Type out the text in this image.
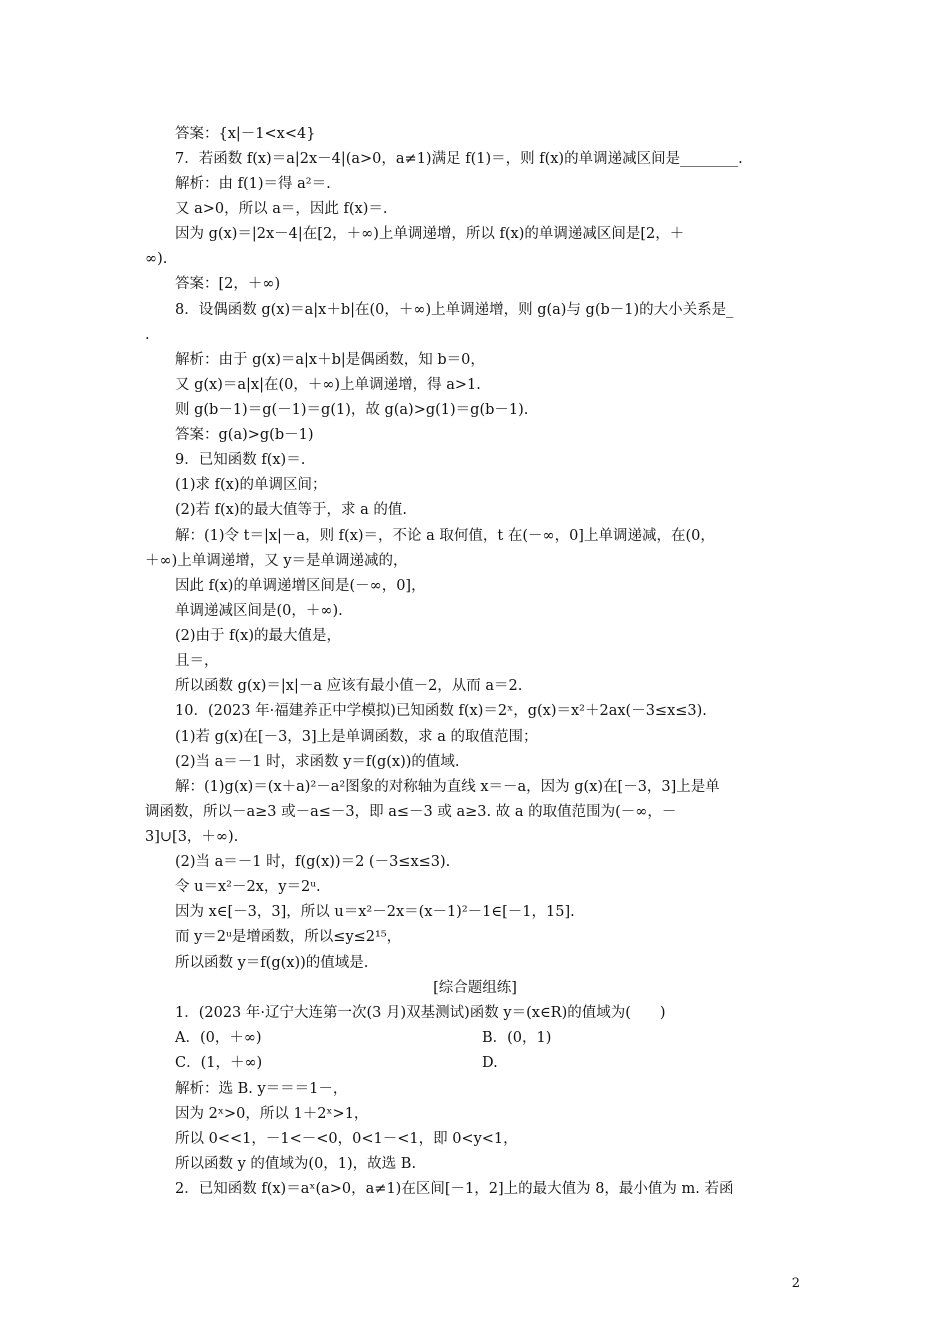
答案：{x|－1<x<4}
7．若函数 f(x)＝a|2x－4|(a>0，a≠1)满足 f(1)＝，则 f(x)的单调递减区间是________.
解析：由 f(1)＝得 a²＝.
又 a>0，所以 a＝，因此 f(x)＝.
因为 g(x)＝|2x－4|在[2，＋∞)上单调递增，所以 f(x)的单调递减区间是[2，＋
∞).
答案：[2，＋∞)
8．设偶函数 g(x)＝a|x＋b|在(0，＋∞)上单调递增，则 g(a)与 g(b－1)的大小关系是_
.
解析：由于 g(x)＝a|x＋b|是偶函数，知 b＝0，
又 g(x)＝a|x|在(0，＋∞)上单调递增，得 a>1.
则 g(b－1)＝g(－1)＝g(1)，故 g(a)>g(1)＝g(b－1).
答案：g(a)>g(b－1)
9．已知函数 f(x)＝.
(1)求 f(x)的单调区间；
(2)若 f(x)的最大值等于，求 a 的值.
解：(1)令 t＝|x|－a，则 f(x)＝，不论 a 取何值，t 在(－∞，0]上单调递减，在(0，
＋∞)上单调递增，又 y＝是单调递减的，
因此 f(x)的单调递增区间是(－∞，0]，
单调递减区间是(0，＋∞).
(2)由于 f(x)的最大值是，
且＝，
所以函数 g(x)＝|x|－a 应该有最小值－2，从而 a＝2.
10．(2023 年·福建养正中学模拟)已知函数 f(x)＝2ˣ，g(x)＝x²＋2ax(－3≤x≤3).
(1)若 g(x)在[－3，3]上是单调函数，求 a 的取值范围；
(2)当 a＝－1 时，求函数 y＝f(g(x))的值域.
解：(1)g(x)＝(x＋a)²－a²图象的对称轴为直线 x＝－a，因为 g(x)在[－3，3]上是单
调函数，所以－a≥3 或－a≤－3，即 a≤－3 或 a≥3. 故 a 的取值范围为(－∞，－
3]∪[3，＋∞).
(2)当 a＝－1 时，f(g(x))＝2 (－3≤x≤3).
令 u＝x²－2x，y＝2ᵘ.
因为 x∈[－3，3]，所以 u＝x²－2x＝(x－1)²－1∈[－1，15].
而 y＝2ᵘ是增函数，所以≤y≤2¹⁵，
所以函数 y＝f(g(x))的值域是.
[综合题组练]
1．(2023 年·辽宁大连第一次(3 月)双基测试)函数 y＝(x∈R)的值域为(　　)
A．(0，＋∞)	B．(0，1)
C．(1，＋∞)	D.
解析：选 B. y＝＝＝1－，
因为 2ˣ>0，所以 1＋2ˣ>1，
所以 0<<1，－1<－<0，0<1－<1，即 0<y<1，
所以函数 y 的值域为(0，1)，故选 B.
2．已知函数 f(x)＝aˣ(a>0，a≠1)在区间[－1，2]上的最大值为 8，最小值为 m. 若函
2
